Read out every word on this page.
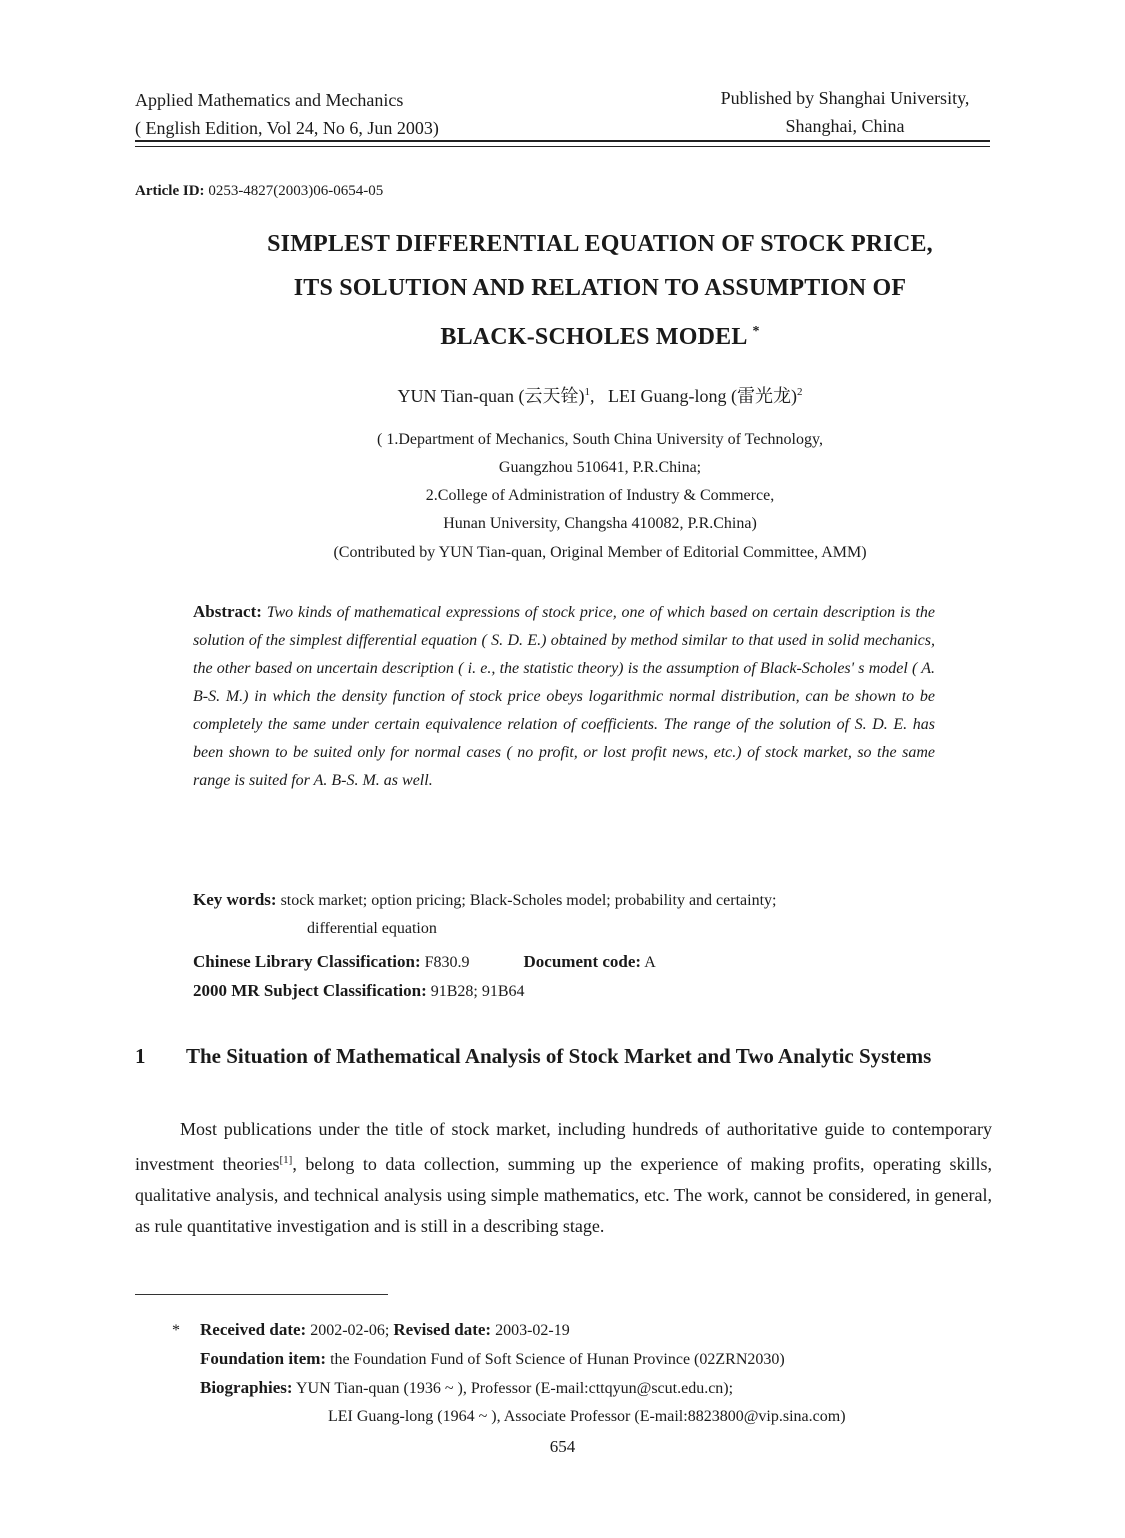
Applied Mathematics and Mechanics
( English Edition, Vol 24, No 6, Jun 2003)
Published by Shanghai University,
Shanghai, China
Article ID: 0253-4827(2003)06-0654-05
SIMPLEST DIFFERENTIAL EQUATION OF STOCK PRICE,
ITS SOLUTION AND RELATION TO ASSUMPTION OF
BLACK-SCHOLES MODEL *
YUN Tian-quan (云天铨)$^1$, LEI Guang-long (雷光龙)$^2$
( 1.Department of Mechanics, South China University of Technology,
Guangzhou 510641, P.R.China;
2.College of Administration of Industry & Commerce,
Hunan University, Changsha 410082, P.R.China)
(Contributed by YUN Tian-quan, Original Member of Editorial Committee, AMM)
Abstract: Two kinds of mathematical expressions of stock price, one of which based on certain description is the solution of the simplest differential equation ( S. D. E.) obtained by method similar to that used in solid mechanics, the other based on uncertain description ( i. e., the statistic theory) is the assumption of Black-Scholes' s model ( A. B-S. M.) in which the density function of stock price obeys logarithmic normal distribution, can be shown to be completely the same under certain equivalence relation of coefficients. The range of the solution of S. D. E. has been shown to be suited only for normal cases ( no profit, or lost profit news, etc.) of stock market, so the same range is suited for A. B-S. M. as well.
Key words: stock market; option pricing; Black-Scholes model; probability and certainty;
differential equation
Chinese Library Classification: F830.9	Document code: A
2000 MR Subject Classification: 91B28; 91B64
1 The Situation of Mathematical Analysis of Stock Market and Two Analytic Systems
Most publications under the title of stock market, including hundreds of authoritative guide to contemporary investment theories[1], belong to data collection, summing up the experience of making profits, operating skills, qualitative analysis, and technical analysis using simple mathematics, etc. The work, cannot be considered, in general, as rule quantitative investigation and is still in a describing stage.
* Received date: 2002-02-06; Revised date: 2003-02-19
Foundation item: the Foundation Fund of Soft Science of Hunan Province (02ZRN2030)
Biographies: YUN Tian-quan (1936 ~ ), Professor (E-mail:cttqyun@scut.edu.cn);
LEI Guang-long (1964 ~ ), Associate Professor (E-mail:8823800@vip.sina.com)
654
